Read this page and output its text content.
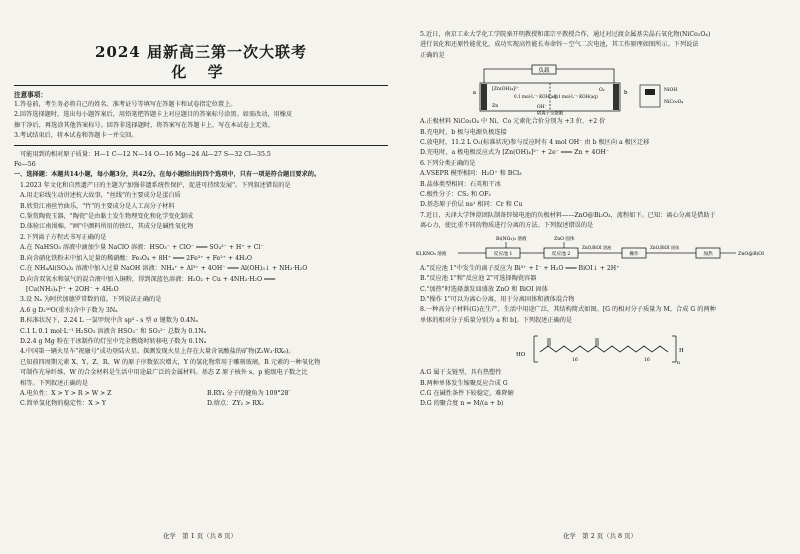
2024 届新高三第一次大联考
化 学
注意事项：
1.答卷前，考生务必将自己的姓名、准考证号等填写在答题卡和试卷指定位置上。
2.回答选择题时，选出每小题答案后，用铅笔把答题卡上对应题目的答案标号涂黑。如需改动，用橡皮
擦干净后，再选涂其他答案标号。回答非选择题时，将答案写在答题卡上，写在本试卷上无效。
3.考试结束后，将本试卷和答题卡一并交回。
可能用到的相对原子质量：H—1 C—12 N—14 O—16 Mg—24 Al—27 S—32 Cl—35.5
Fe—56
一、选择题：本题共14小题，每小题3分，共42分。在每小题给出的四个选项中，只有一项是符合题目要求的。
1.2023 年文化和自然遗产日的主题为"加强非遗系统性保护，促进可持续发展"。下列叙述错误的是
A.用走彩线生动讲述杭大故事，"丝线"的主要成分是蛋白质
B.欣赏江南丝竹曲乐，"竹"的主要成分是人工高分子材料
C.鉴赏陶瓷玉器，"陶瓷"是由黏土发生物理变化和化学变化制成
D.体验江南围棉，"画"中颜料所用的铁红，其成分是碱性氧化物
2.下列离子方程式书写正确的是
A.在 NaHSO₃ 溶液中滴加少量 NaClO 溶液：HSO₃⁻ + ClO⁻ ═══ SO₄²⁻ + H⁺ + Cl⁻
B.向含硝化铁粉末中加入足量的稀硝酸：Fe₃O₄ + 8H⁺ ═══ 2Fe³⁺ + Fe²⁺ + 4H₂O
C.在 NH₄Al(SO₄)₂ 溶液中加入过量 NaOH 溶液：NH₄⁺ + Al³⁺ + 4OH⁻ ═══ Al(OH)₃↓ + NH₃·H₂O
D.向含双氧水和氨气的混合液中加入铜粉，得到深蓝色溶液：H₂O₂ + Cu + 4NH₃·H₂O ═══
[Cu(NH₃)₄]²⁺ + 2OH⁻ + 4H₂O
3.设 Nₐ 为阿伏加德罗常数的值。下列说法正确的是
A.6 g D₂¹⁶O(重水)含中子数为 3Nₐ
B.标准状况下，2.24 L 一氯甲烷中含 sp³ - s 型 σ 键数为 0.4Nₐ
C.1 L 0.1 mol·L⁻¹ H₂SO₃ 溶液含 HSO₃⁻ 和 SO₃²⁻ 总数为 0.1Nₐ
D.2.4 g Mg 粉在干冰制作的灯室中完全燃烧时转移电子数为 0.1Nₐ
4.中国第一辆火星车"祝融号"成功登陆火星。探测发现火星上存在大量含氧酸盐的矿物(Z₂W₃·RX₆)。
已知前四周期元素 X、Y、Z、R、W 的原子序数依次增大，Y 的氢化物常用于雕刻玻璃，R 元素的一种氧化物
可制作光导纤维，W 的合金材料是生活中用途最广泛的金属材料。基态 Z 原子核外 s、p 能级电子数之比
相等。下列叙述正确的是
A.电负性：X > Y > R > W > Z	B.RY₄ 分子的键角为 109°28′
C.简单氢化物的稳定性：X > Y	D.熔点：ZY₂ > RX₂
化学　第 1 页（共 8 页）
5.近日，南京工业大学化工学院秦开明教授和邵宗平教授合作，通过对过渡金属基尖晶石氧化物(NiCo₂O₄)
进行氧化和还原性能优化，成功实现高性能长寿命锌－空气二次电池，其工作原理如图所示。下列说法
正确的是
负载
a	b
[Zn(OH)₄]²⁻
Zn
0.1 mol·L⁻¹ KOH(aq)
0.1 mol·L⁻¹ KOH(aq)
OH⁻
O₂	NiOH
NiCo₂O₄
阴离子交换膜
A.正极材料 NiCo₂O₄ 中 Ni、Co 元素化合价分别为 +3 价、+2 价
B.充电时，b 极与电源负极连接
C.放电时，11.2 L O₂(标准状况)参与反应时有 4 mol OH⁻ 由 b 极区向 a 极区迁移
D.充电时，a 极电极反应式为 [Zn(OH)₄]²⁻ + 2e⁻ ═══ Zn + 4OH⁻
6.下列分类正确的是
A.VSEPR 模型相同：H₂O⁺ 和 BCl₃
B.晶体类型相同：石英和干冰
C.极性分子：CS₂ 和 OF₂
D.基态原子价层 ns¹ 相同：Cr 和 Cu
7.近日，天津大学钟澄团队制备锌铋电池的负极材料——ZnO@Bi₂O₃，流程如下。已知：离心分离是借助于
离心力，使比重不同的物质进行分离的方法。下列叙述错误的是
Bi(NO₃)₃ 溶液	ZnO 固体
KI,KNO₃ 溶液	反应池 1	反应池 2
ZnO,BiOI 溶液
操作
ZnO,BiOI 固体
加热	ZnO@BiOI
A."反应池 1"中发生的离子反应为 Bi³⁺ + I⁻ + H₂O ═══ BiOI↓ + 2H⁺
B."反应池 1"和"反应池 2"可选择陶瓷容器
C."加热"时选择蒸发皿盛放 ZnO 和 BiOI 固体
D."操作 1"可以为离心分离，用于分离固体和液体混合物
8.一种高分子材料(G)在生产、生活中用途广泛，其结构简式如图。[G 的相对分子质量为 M，合成 G 的两种
单体的相对分子质量分别为 a 和 b]。下列叙述正确的是
HO
16	16
H
n
A.G 属于支链型，具有热塑性
B.两种单体发生缩聚反应合成 G
C.G 在碱性条件下较稳定，难降解
D.G 的聚合度 n = M/(a + b)
化学　第 2 页（共 8 页）
